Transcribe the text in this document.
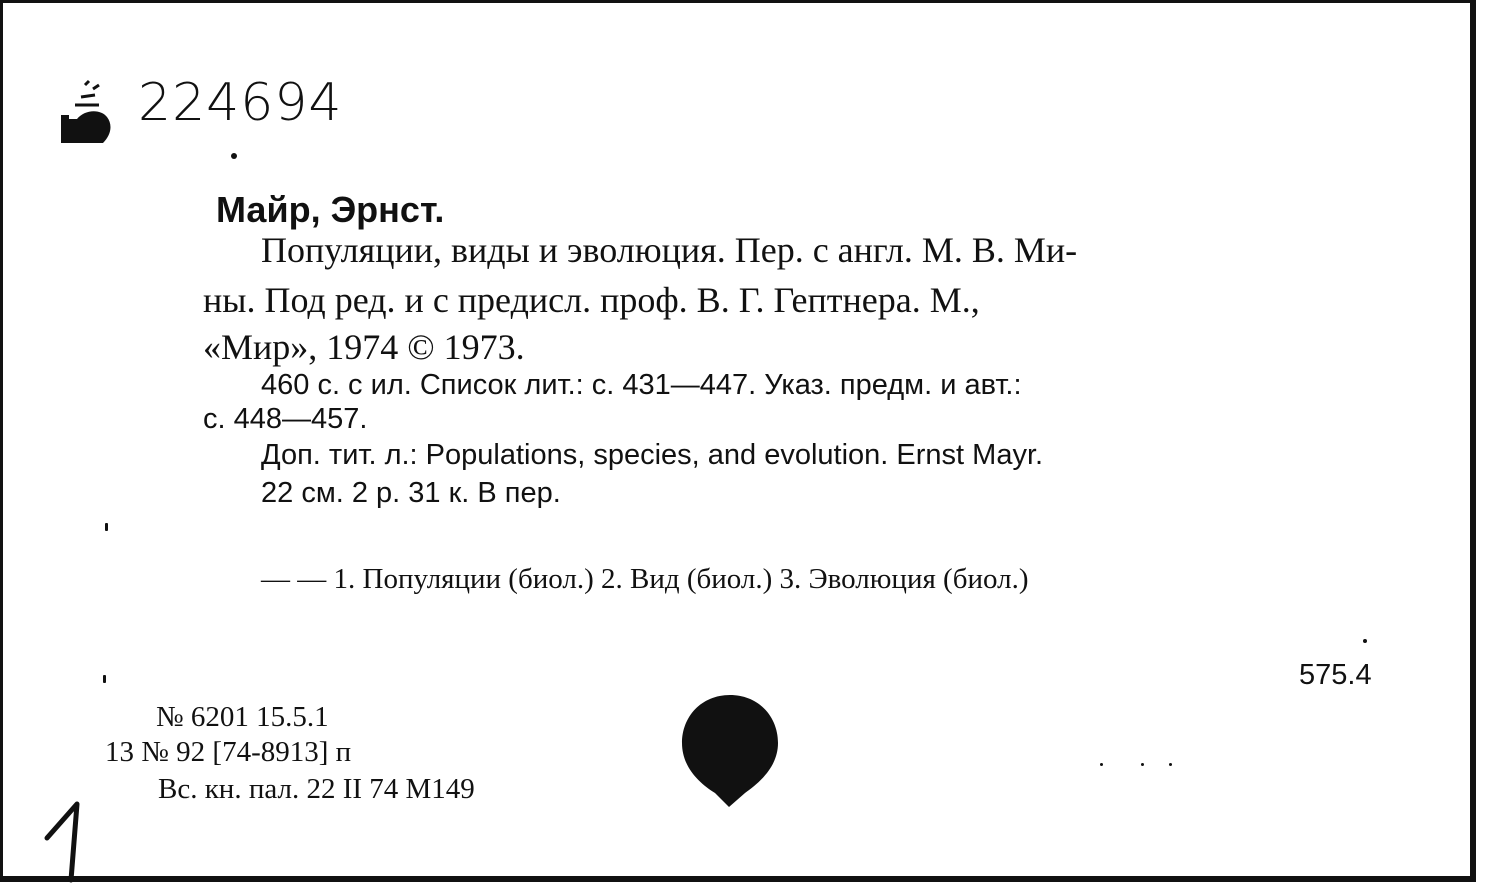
224694
Майр, Эрнст.
Популяции, виды и эволюция. Пер. с англ. М. В. Ми-
ны. Под ред. и с предисл. проф. В. Г. Гептнера. М.,
«Мир», 1974 © 1973.
460 с. с ил. Список лит.: с. 431—447. Указ. предм. и авт.:
с. 448—457.
Доп. тит. л.: Populations, species, and evolution. Ernst Mayr.
22 см. 2 р. 31 к. В пер.
— — 1. Популяции (биол.) 2. Вид (биол.) 3. Эволюция (биол.)
575.4
№ 6201 15.5.1
13 № 92 [74-8913] п
Вс. кн. пал. 22 II 74 М149
